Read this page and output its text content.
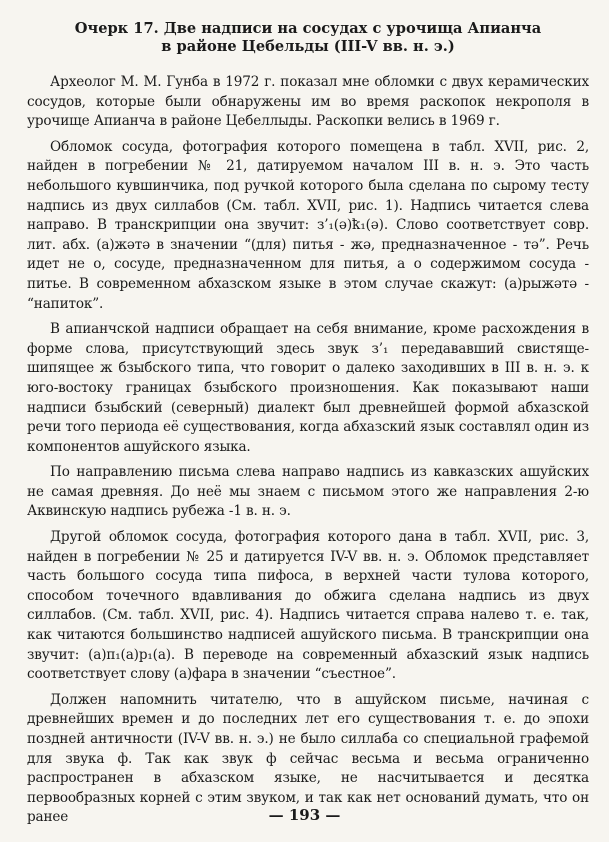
Очерк 17. Две надписи на сосудах с урочища Апианча
в районе Цебельды (III-V вв. н. э.)

Археолог М. М. Гунба в 1972 г. показал мне обломки с двух керамических сосудов, которые были обнаружены им во время раскопок некрополя в урочище Апианча в районе Цебеллыды. Раскопки велись в 1969 г.

Обломок сосуда, фотография которого помещена в табл. XVII, рис. 2, найден в погребении № 21, датируемом началом III в. н. э. Это часть небольшого кувшинчика, под ручкой которого была сделана по сырому тесту надпись из двух силлабов (См. табл. XVII, рис. 1). Надпись читается слева направо. В транскрипции она звучит: з’₁(ә)ҟ₁(ә). Слово соответствует совр. лит. абх. (а)жәтә в значении “(для) питья - жә, предназначенное - тә”. Речь идет не о, сосуде, предназначенном для питья, а о содержимом сосуда - питье. В современном абхазском языке в этом случае скажут: (а)рыжәтә - “напиток”.

В апианчской надписи обращает на себя внимание, кроме расхождения в форме слова, присутствующий здесь звук з’₁ передававший свистяще-шипящее ж бзыбского типа, что говорит о далеко заходивших в III в. н. э. к юго-востоку границах бзыбского произношения. Как показывают наши надписи бзыбский (северный) диалект был древнейшей формой абхазской речи того периода её существования, когда абхазский язык составлял один из компонентов ашуйского языка.

По направлению письма слева направо надпись из кавказских ашуйских не самая древняя. До неё мы знаем с письмом этого же направления 2-ю Аквинскую надпись рубежа -1 в. н. э.

Другой обломок сосуда, фотография которого дана в табл. XVII, рис. 3, найден в погребении № 25 и датируется IV-V вв. н. э. Обломок представляет часть большого сосуда типа пифоса, в верхней части тулова которого, способом точечного вдавливания до обжига сделана надпись из двух силлабов. (См. табл. XVII, рис. 4). Надпись читается справа налево т. е. так, как читаются большинство надписей ашуйского письма. В транскрипции она звучит: (а)п₁(а)р₁(а). В переводе на современный абхазский язык надпись соответствует слову (а)фара в значении “съестное”.

Должен напомнить читателю, что в ашуйском письме, начиная с древнейших времен и до последних лет его существования т. е. до эпохи поздней античности (IV-V вв. н. э.) не было силлаба со специальной графемой для звука ф. Так как звук ф сейчас весьма и весьма ограниченно распространен в абхазском языке, не насчитывается и десятка первообразных корней с этим звуком, и так как нет оснований думать, что он ранее	— 193 —
